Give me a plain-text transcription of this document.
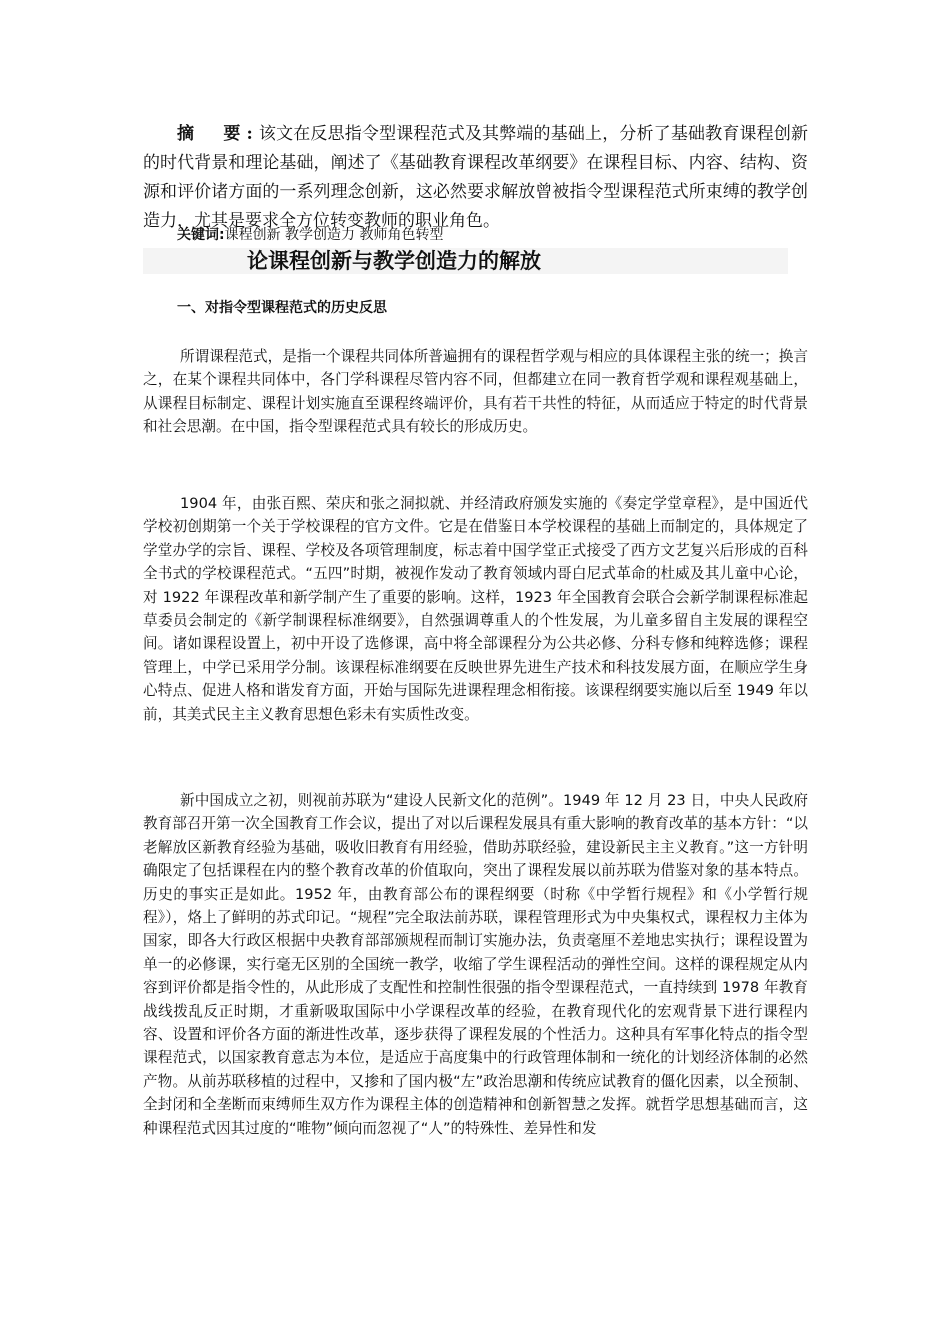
摘　要:该文在反思指令型课程范式及其弊端的基础上，分析了基础教育课程创新的时代背景和理论基础，阐述了《基础教育课程改革纲要》在课程目标、内容、结构、资源和评价诸方面的一系列理念创新，这必然要求解放曾被指令型课程范式所束缚的教学创造力，尤其是要求全方位转变教师的职业角色。

关键词:课程创新 教学创造力 教师角色转型

论课程创新与教学创造力的解放
一、对指令型课程范式的历史反思

所谓课程范式，是指一个课程共同体所普遍拥有的课程哲学观与相应的具体课程主张的统一；换言之，在某个课程共同体中，各门学科课程尽管内容不同，但都建立在同一教育哲学观和课程观基础上，从课程目标制定、课程计划实施直至课程终端评价，具有若干共性的特征，从而适应于特定的时代背景和社会思潮。在中国，指令型课程范式具有较长的形成历史。

1904 年，由张百熙、荣庆和张之洞拟就、并经清政府颁发实施的《奏定学堂章程》，是中国近代学校初创期第一个关于学校课程的官方文件。它是在借鉴日本学校课程的基础上而制定的，具体规定了学堂办学的宗旨、课程、学校及各项管理制度，标志着中国学堂正式接受了西方文艺复兴后形成的百科全书式的学校课程范式。“五四”时期，被视作发动了教育领域内哥白尼式革命的杜威及其儿童中心论，对 1922 年课程改革和新学制产生了重要的影响。这样，1923 年全国教育会联合会新学制课程标准起草委员会制定的《新学制课程标准纲要》，自然强调尊重人的个性发展，为儿童多留自主发展的课程空间。诸如课程设置上，初中开设了选修课，高中将全部课程分为公共必修、分科专修和纯粹选修；课程管理上，中学已采用学分制。该课程标准纲要在反映世界先进生产技术和科技发展方面，在顺应学生身心特点、促进人格和谐发育方面，开始与国际先进课程理念相衔接。该课程纲要实施以后至 1949 年以前，其美式民主主义教育思想色彩未有实质性改变。

新中国成立之初，则视前苏联为“建设人民新文化的范例”。1949 年 12 月 23 日，中央人民政府教育部召开第一次全国教育工作会议，提出了对以后课程发展具有重大影响的教育改革的基本方针：“以老解放区新教育经验为基础，吸收旧教育有用经验，借助苏联经验，建设新民主主义教育。”这一方针明确限定了包括课程在内的整个教育改革的价值取向，突出了课程发展以前苏联为借鉴对象的基本特点。历史的事实正是如此。1952 年，由教育部公布的课程纲要（时称《中学暂行规程》和《小学暂行规程》），烙上了鲜明的苏式印记。“规程”完全取法前苏联，课程管理形式为中央集权式，课程权力主体为国家，即各大行政区根据中央教育部部颁规程而制订实施办法，负责毫厘不差地忠实执行；课程设置为单一的必修课，实行毫无区别的全国统一教学，收缩了学生课程活动的弹性空间。这样的课程规定从内容到评价都是指令性的，从此形成了支配性和控制性很强的指令型课程范式，一直持续到 1978 年教育战线拨乱反正时期，才重新吸取国际中小学课程改革的经验，在教育现代化的宏观背景下进行课程内容、设置和评价各方面的渐进性改革，逐步获得了课程发展的个性活力。这种具有军事化特点的指令型课程范式，以国家教育意志为本位，是适应于高度集中的行政管理体制和一统化的计划经济体制的必然产物。从前苏联移植的过程中，又掺和了国内极“左”政治思潮和传统应试教育的僵化因素，以全预制、全封闭和全垄断而束缚师生双方作为课程主体的创造精神和创新智慧之发挥。就哲学思想基础而言，这种课程范式因其过度的“唯物”倾向而忽视了“人”的特殊性、差异性和发
